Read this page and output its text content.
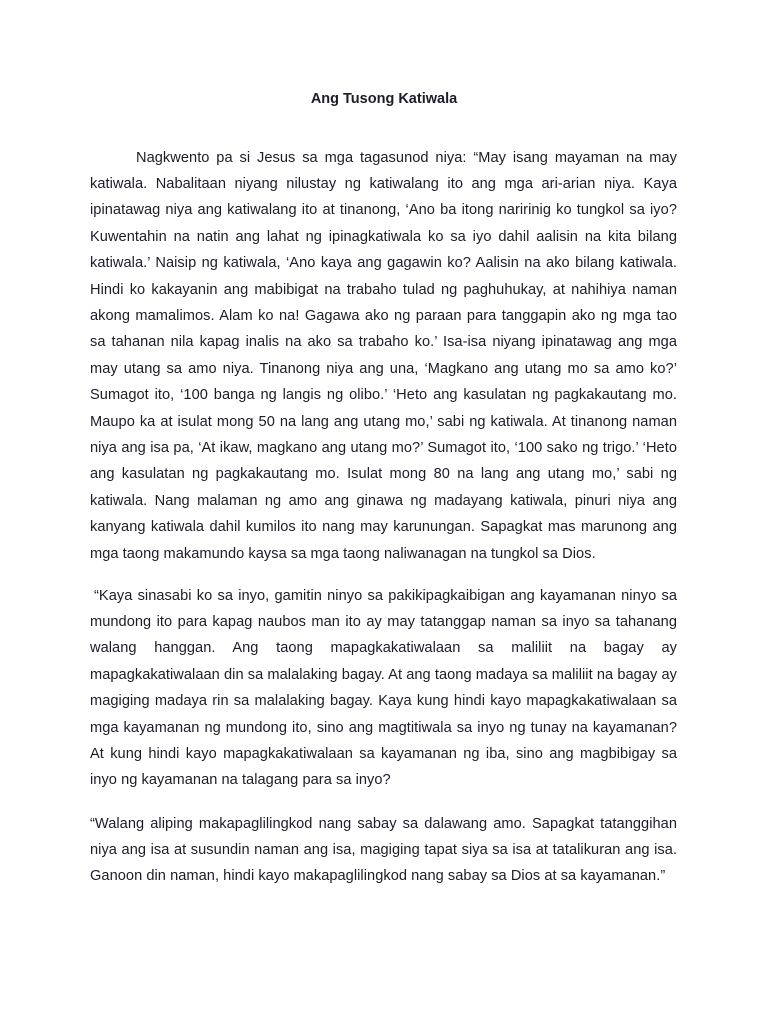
Ang Tusong Katiwala

Nagkwento pa si Jesus sa mga tagasunod niya: “May isang mayaman na may katiwala. Nabalitaan niyang nilustay ng katiwalang ito ang mga ari-arian niya. Kaya ipinatawag niya ang katiwalang ito at tinanong, ‘Ano ba itong naririnig ko tungkol sa iyo? Kuwentahin na natin ang lahat ng ipinagkatiwala ko sa iyo dahil aalisin na kita bilang katiwala.’ Naisip ng katiwala, ‘Ano kaya ang gagawin ko? Aalisin na ako bilang katiwala. Hindi ko kakayanin ang mabibigat na trabaho tulad ng paghuhukay, at nahihiya naman akong mamalimos. Alam ko na! Gagawa ako ng paraan para tanggapin ako ng mga tao sa tahanan nila kapag inalis na ako sa trabaho ko.’ Isa-isa niyang ipinatawag ang mga may utang sa amo niya. Tinanong niya ang una, ‘Magkano ang utang mo sa amo ko?’ Sumagot ito, ‘100 banga ng langis ng olibo.’ ‘Heto ang kasulatan ng pagkakautang mo. Maupo ka at isulat mong 50 na lang ang utang mo,’ sabi ng katiwala. At tinanong naman niya ang isa pa, ‘At ikaw, magkano ang utang mo?’ Sumagot ito, ‘100 sako ng trigo.’ ‘Heto ang kasulatan ng pagkakautang mo. Isulat mong 80 na lang ang utang mo,’ sabi ng katiwala. Nang malaman ng amo ang ginawa ng madayang katiwala, pinuri niya ang kanyang katiwala dahil kumilos ito nang may karunungan. Sapagkat mas marunong ang mga taong makamundo kaysa sa mga taong naliwanagan na tungkol sa Dios.

“Kaya sinasabi ko sa inyo, gamitin ninyo sa pakikipagkaibigan ang kayamanan ninyo sa mundong ito para kapag naubos man ito ay may tatanggap naman sa inyo sa tahanang walang hanggan. Ang taong mapagkakatiwalaan sa maliliit na bagay ay mapagkakatiwalaan din sa malalaking bagay. At ang taong madaya sa maliliit na bagay ay magiging madaya rin sa malalaking bagay. Kaya kung hindi kayo mapagkakatiwalaan sa mga kayamanan ng mundong ito, sino ang magtitiwala sa inyo ng tunay na kayamanan? At kung hindi kayo mapagkakatiwalaan sa kayamanan ng iba, sino ang magbibigay sa inyo ng kayamanan na talagang para sa inyo?

“Walang aliping makapaglilingkod nang sabay sa dalawang amo. Sapagkat tatanggihan niya ang isa at susundin naman ang isa, magiging tapat siya sa isa at tatalikuran ang isa. Ganoon din naman, hindi kayo makapaglilingkod nang sabay sa Dios at sa kayamanan.”
